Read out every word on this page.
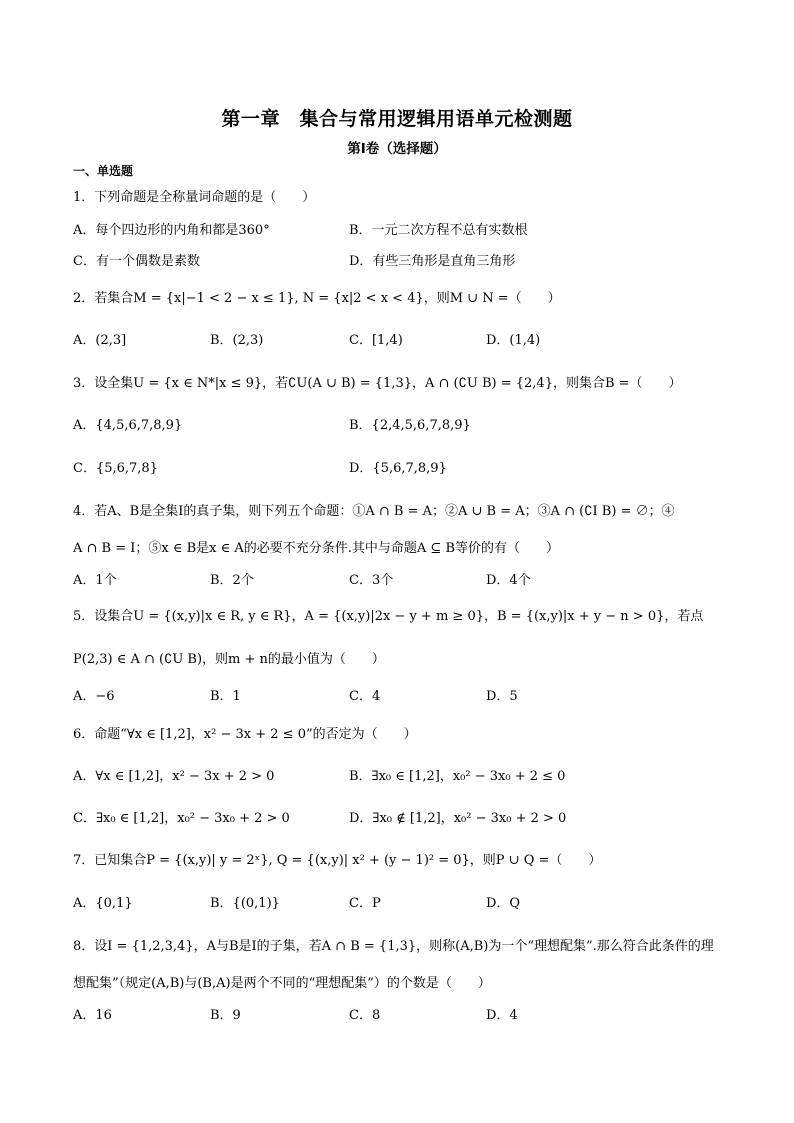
第一章　集合与常用逻辑用语单元检测题
第Ⅰ卷（选择题）
一、单选题
1．下列命题是全称量词命题的是（　　）
A．每个四边形的内角和都是360°	B．一元二次方程不总有实数根
C．有一个偶数是素数	D．有些三角形是直角三角形
2．若集合M = {x|−1 < 2 − x ≤ 1}, N = {x|2 < x < 4}，则M ∪ N =（　　）
A．(2,3]	B．(2,3)	C．[1,4)	D．(1,4)
3．设全集U = {x ∈ N*|x ≤ 9}，若∁U(A ∪ B) = {1,3}，A ∩ (∁U B) = {2,4}，则集合B =（　　）
A．{4,5,6,7,8,9}	B．{2,4,5,6,7,8,9}
C．{5,6,7,8}	D．{5,6,7,8,9}
4．若A、B是全集I的真子集，则下列五个命题：①A ∩ B = A；②A ∪ B = A；③A ∩ (∁I B) = ∅；④
A ∩ B = I；⑤x ∈ B是x ∈ A的必要不充分条件.其中与命题A ⊆ B等价的有（　　）
A．1个	B．2个	C．3个	D．4个
5．设集合U = {(x,y)|x ∈ R, y ∈ R}，A = {(x,y)|2x − y + m ≥ 0}，B = {(x,y)|x + y − n > 0}，若点
P(2,3) ∈ A ∩ (∁U B)，则m + n的最小值为（　　）
A．−6	B．1	C．4	D．5
6．命题“∀x ∈ [1,2]，x² − 3x + 2 ≤ 0”的否定为（　　）
A．∀x ∈ [1,2]，x² − 3x + 2 > 0	B．∃x₀ ∈ [1,2]，x₀² − 3x₀ + 2 ≤ 0
C．∃x₀ ∈ [1,2]，x₀² − 3x₀ + 2 > 0	D．∃x₀ ∉ [1,2]，x₀² − 3x₀ + 2 > 0
7．已知集合P = {(x,y)| y = 2ˣ}, Q = {(x,y)| x² + (y − 1)² = 0}，则P ∪ Q =（　　）
A．{0,1}	B．{(0,1)}	C．P	D．Q
8．设I = {1,2,3,4}，A与B是I的子集，若A ∩ B = {1,3}，则称(A,B)为一个“理想配集”.那么符合此条件的理
想配集”（规定(A,B)与(B,A)是两个不同的“理想配集”）的个数是（　　）
A．16	B．9	C．8	D．4
